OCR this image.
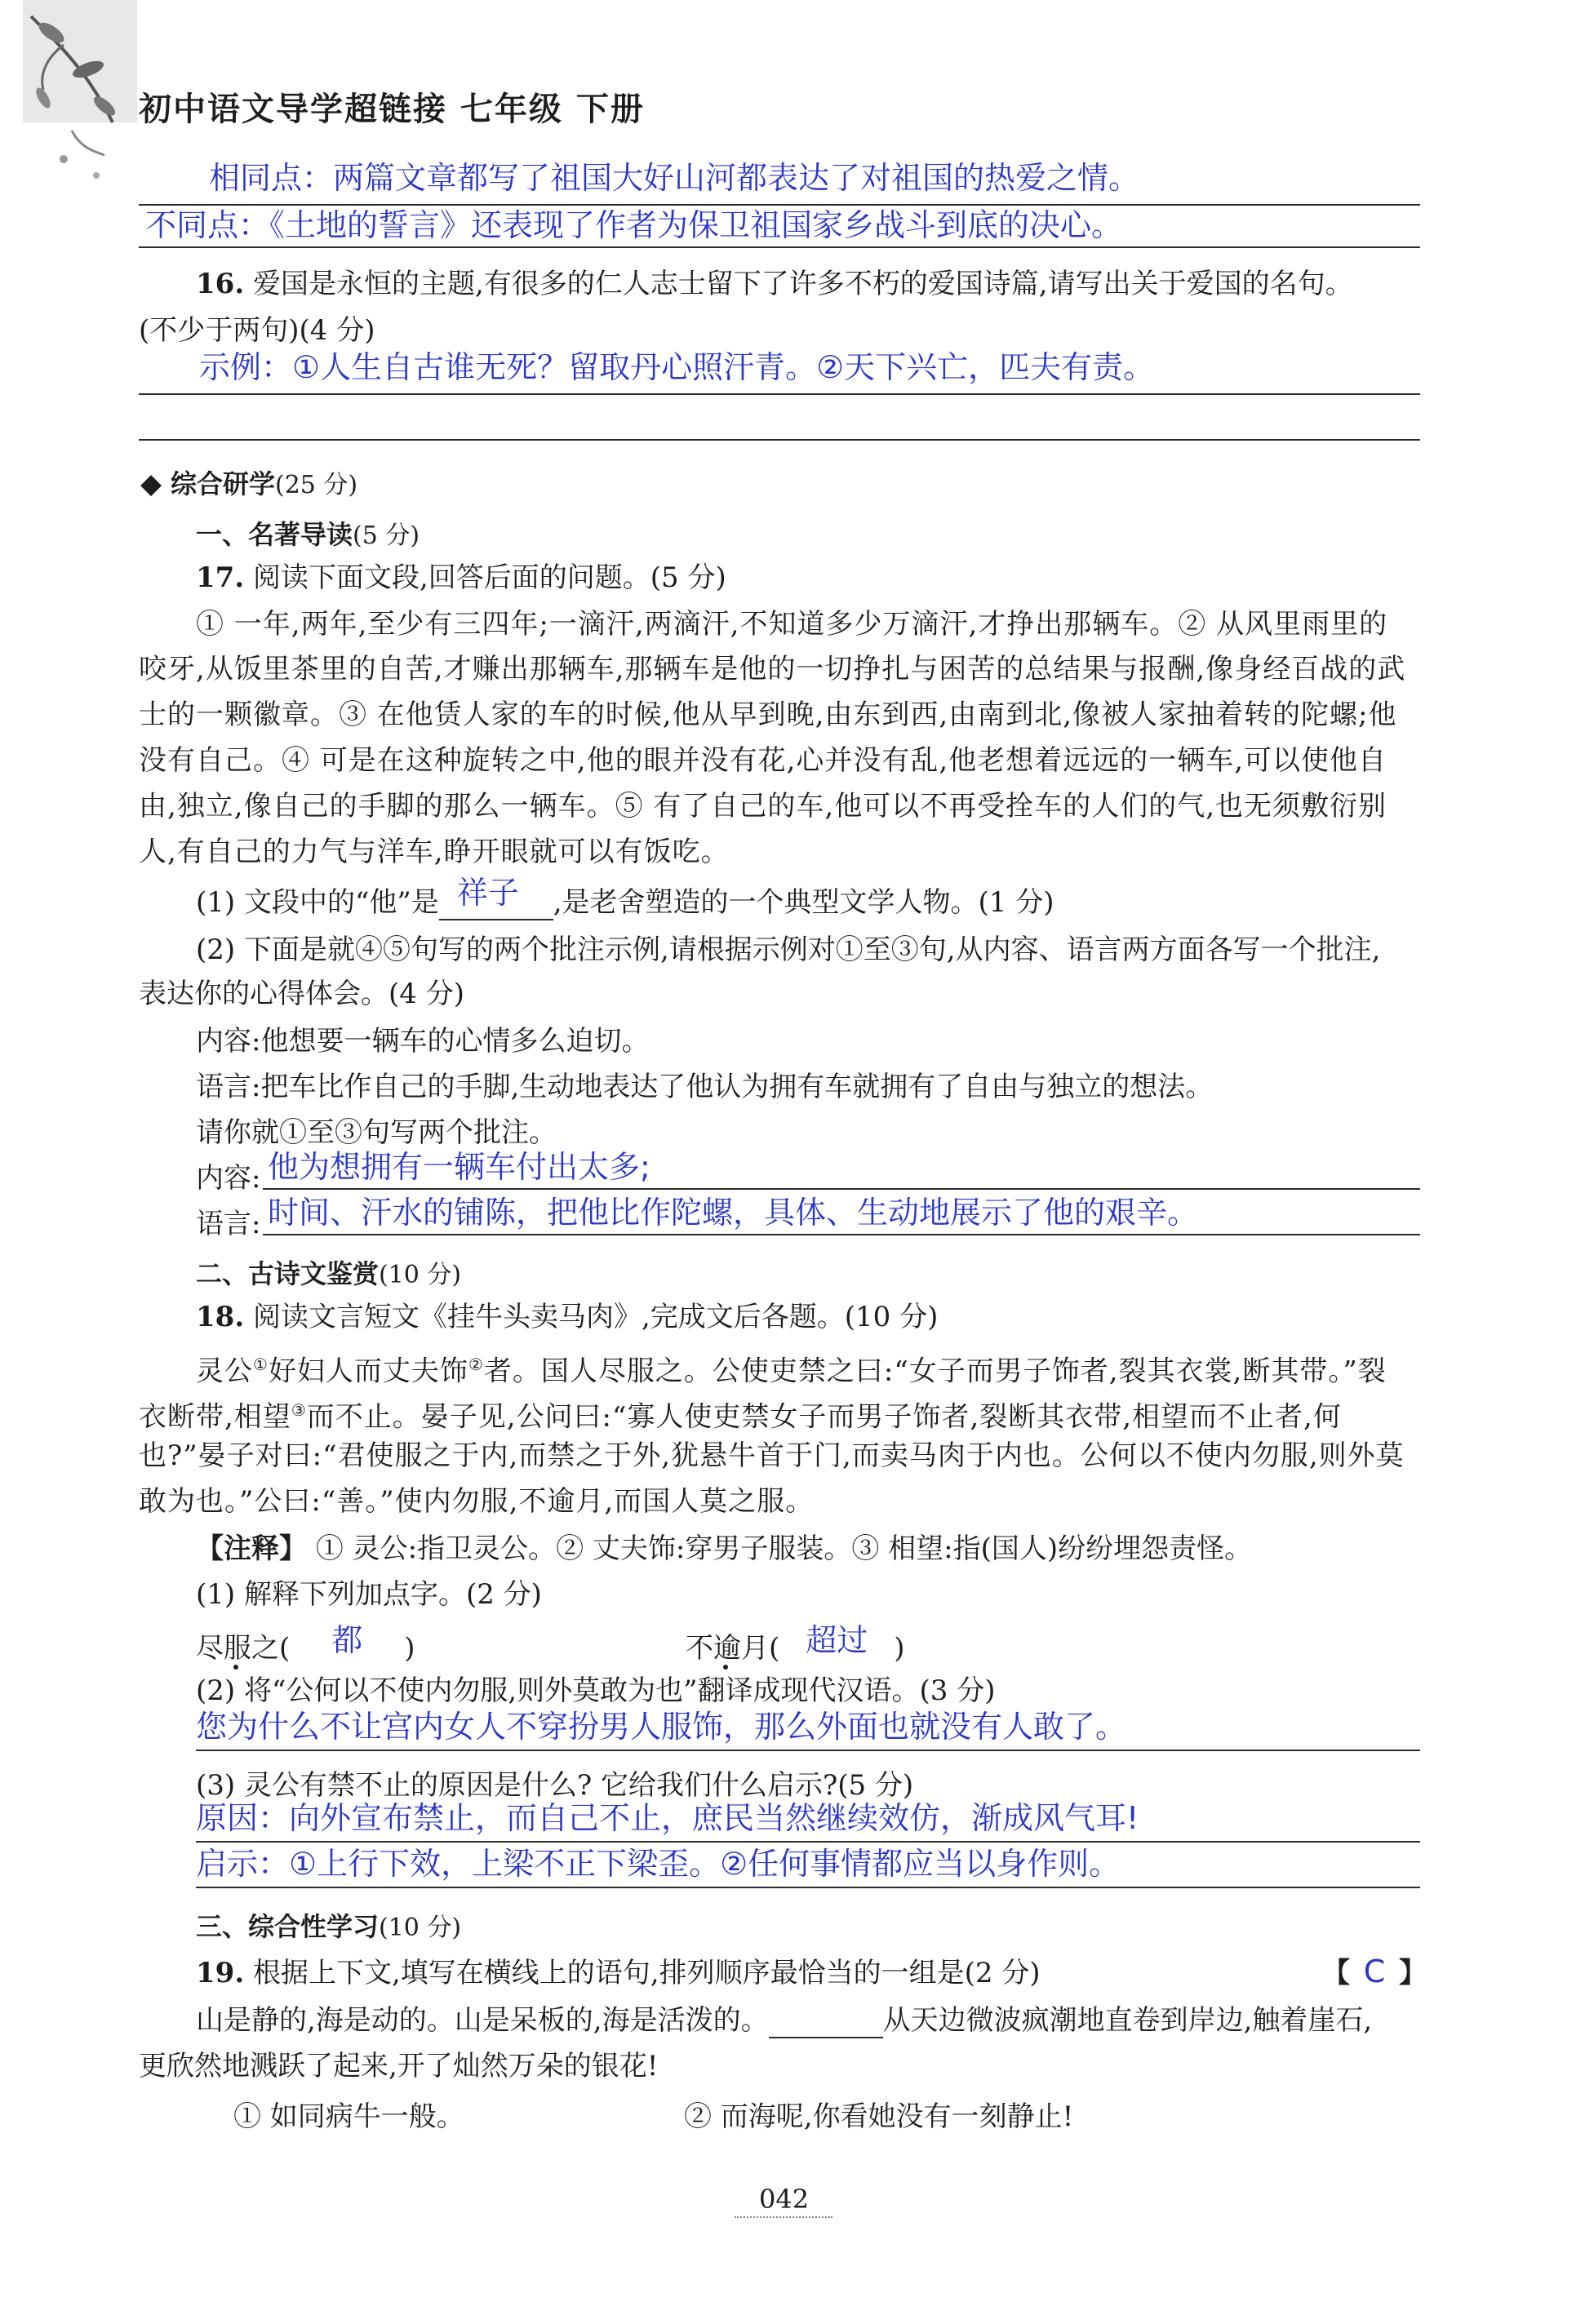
初中语文导学超链接 七年级 下册
相同点：两篇文章都写了祖国大好山河都表达了对祖国的热爱之情。
不同点：《土地的誓言》还表现了作者为保卫祖国家乡战斗到底的决心。
16. 爱国是永恒的主题,有很多的仁人志士留下了许多不朽的爱国诗篇,请写出关于爱国的名句。
(不少于两句)(4 分)
示例：①人生自古谁无死？留取丹心照汗青。②天下兴亡，匹夫有责。
◆ 综合研学(25 分)
一、名著导读(5 分)
17. 阅读下面文段,回答后面的问题。(5 分)
① 一年,两年,至少有三四年;一滴汗,两滴汗,不知道多少万滴汗,才挣出那辆车。② 从风里雨里的
咬牙,从饭里茶里的自苦,才赚出那辆车,那辆车是他的一切挣扎与困苦的总结果与报酬,像身经百战的武
士的一颗徽章。③ 在他赁人家的车的时候,他从早到晚,由东到西,由南到北,像被人家抽着转的陀螺;他
没有自己。④ 可是在这种旋转之中,他的眼并没有花,心并没有乱,他老想着远远的一辆车,可以使他自
由,独立,像自己的手脚的那么一辆车。⑤ 有了自己的车,他可以不再受拴车的人们的气,也无须敷衍别
人,有自己的力气与洋车,睁开眼就可以有饭吃。
(1) 文段中的“他”是 祥子 ,是老舍塑造的一个典型文学人物。(1 分)
(2) 下面是就④⑤句写的两个批注示例,请根据示例对①至③句,从内容、语言两方面各写一个批注,
表达你的心得体会。(4 分)
内容:他想要一辆车的心情多么迫切。
语言:把车比作自己的手脚,生动地表达了他认为拥有车就拥有了自由与独立的想法。
请你就①至③句写两个批注。
内容: 他为想拥有一辆车付出太多;
语言: 时间、汗水的铺陈，把他比作陀螺，具体、生动地展示了他的艰辛。
二、古诗文鉴赏(10 分)
18. 阅读文言短文《挂牛头卖马肉》,完成文后各题。(10 分)
灵公①好妇人而丈夫饰②者。国人尽服之。公使吏禁之曰:“女子而男子饰者,裂其衣裳,断其带。”裂
衣断带,相望③而不止。晏子见,公问曰:“寡人使吏禁女子而男子饰者,裂断其衣带,相望而不止者,何
也?”晏子对曰:“君使服之于内,而禁之于外,犹悬牛首于门,而卖马肉于内也。公何以不使内勿服,则外莫
敢为也。”公曰:“善。”使内勿服,不逾月,而国人莫之服。
【注释】 ① 灵公:指卫灵公。② 丈夫饰:穿男子服装。③ 相望:指(国人)纷纷埋怨责怪。
(1) 解释下列加点字。(2 分)
尽服之( 都 )	不逾月( 超过 )
(2) 将“公何以不使内勿服,则外莫敢为也”翻译成现代汉语。(3 分)
您为什么不让宫内女人不穿扮男人服饰，那么外面也就没有人敢了。
(3) 灵公有禁不止的原因是什么? 它给我们什么启示?(5 分)
原因：向外宣布禁止，而自己不止，庶民当然继续效仿，渐成风气耳!
启示：①上行下效，上梁不正下梁歪。②任何事情都应当以身作则。
三、综合性学习(10 分)
19. 根据上下文,填写在横线上的语句,排列顺序最恰当的一组是(2 分)	【 C 】
山是静的,海是动的。山是呆板的,海是活泼的。	从天边微波疯潮地直卷到岸边,触着崖石,
更欣然地溅跃了起来,开了灿然万朵的银花!
① 如同病牛一般。	② 而海呢,你看她没有一刻静止!
042
